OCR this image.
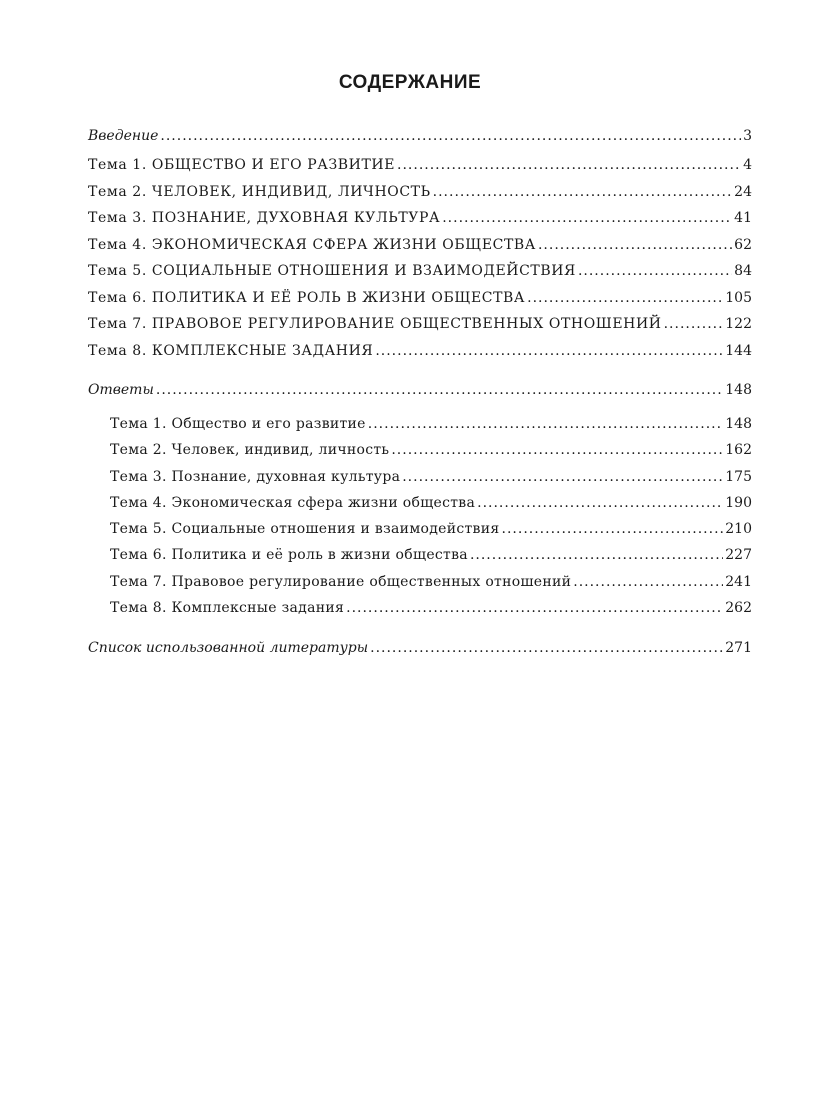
СОДЕРЖАНИЕ
Введение .....	3
Тема 1. ОБЩЕСТВО И ЕГО РАЗВИТИЕ .....	4
Тема 2. ЧЕЛОВЕК, ИНДИВИД, ЛИЧНОСТЬ .....	24
Тема 3. ПОЗНАНИЕ, ДУХОВНАЯ КУЛЬТУРА .....	41
Тема 4. ЭКОНОМИЧЕСКАЯ СФЕРА ЖИЗНИ ОБЩЕСТВА .....	62
Тема 5. СОЦИАЛЬНЫЕ ОТНОШЕНИЯ И ВЗАИМОДЕЙСТВИЯ .....	84
Тема 6. ПОЛИТИКА И ЕЁ РОЛЬ В ЖИЗНИ ОБЩЕСТВА .....	105
Тема 7. ПРАВОВОЕ РЕГУЛИРОВАНИЕ ОБЩЕСТВЕННЫХ ОТНОШЕНИЙ .....	122
Тема 8. КОМПЛЕКСНЫЕ ЗАДАНИЯ .....	144
Ответы .....	148
Тема 1. Общество и его развитие .....	148
Тема 2. Человек, индивид, личность .....	162
Тема 3. Познание, духовная культура .....	175
Тема 4. Экономическая сфера жизни общества .....	190
Тема 5. Социальные отношения и взаимодействия .....	210
Тема 6. Политика и её роль в жизни общества .....	227
Тема 7. Правовое регулирование общественных отношений .....	241
Тема 8. Комплексные задания .....	262
Список использованной литературы .....	271
